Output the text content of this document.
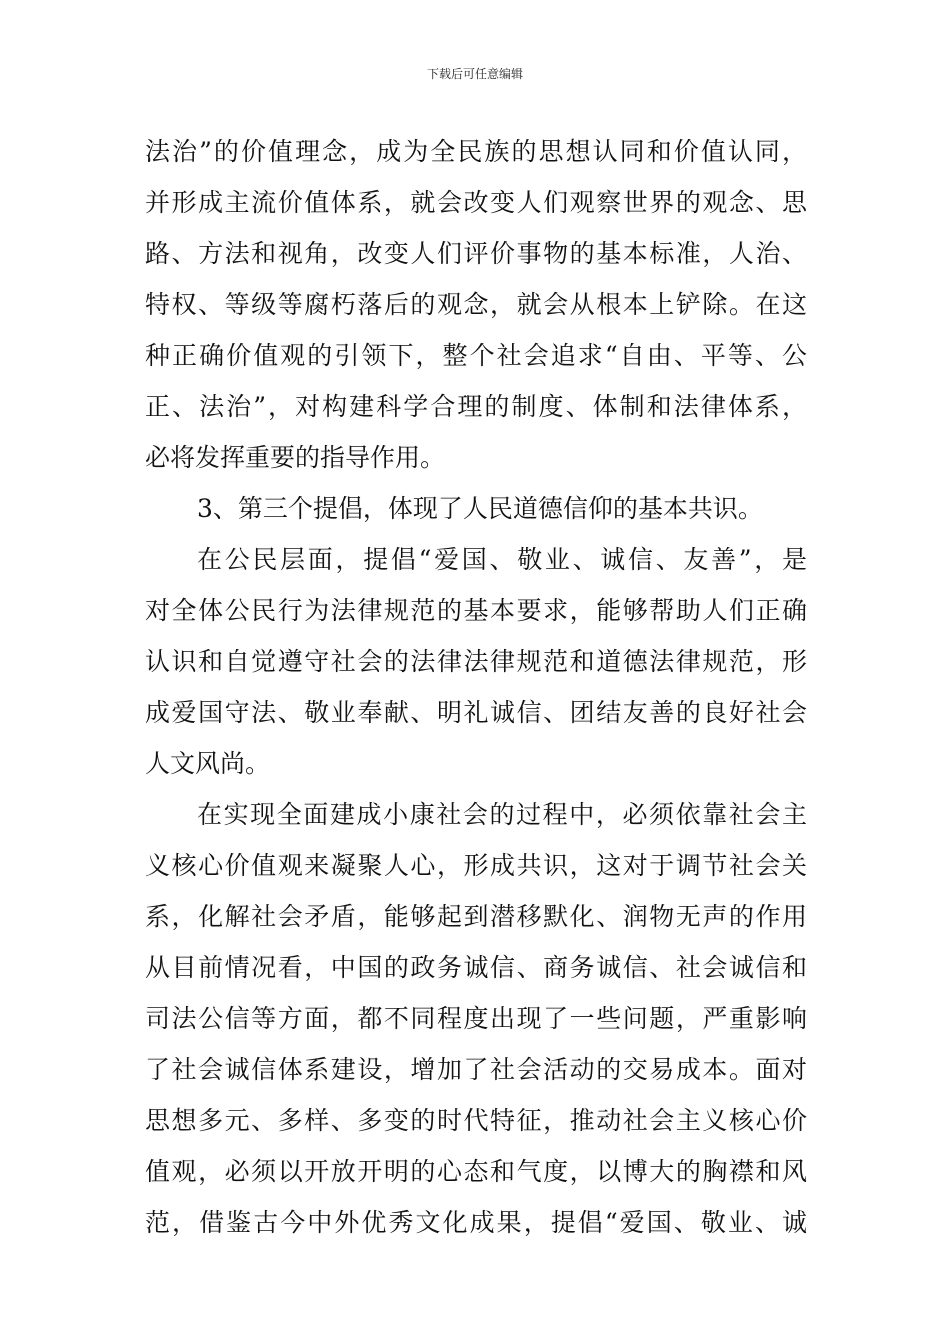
下载后可任意编辑
法治”的价值理念，成为全民族的思想认同和价值认同，
并形成主流价值体系，就会改变人们观察世界的观念、思
路、方法和视角，改变人们评价事物的基本标准，人治、
特权、等级等腐朽落后的观念，就会从根本上铲除。在这
种正确价值观的引领下，整个社会追求“自由、平等、公
正、法治”，对构建科学合理的制度、体制和法律体系，
必将发挥重要的指导作用。
3、第三个提倡，体现了人民道德信仰的基本共识。
在公民层面，提倡“爱国、敬业、诚信、友善”，是
对全体公民行为法律规范的基本要求，能够帮助人们正确
认识和自觉遵守社会的法律法律规范和道德法律规范，形
成爱国守法、敬业奉献、明礼诚信、团结友善的良好社会
人文风尚。
在实现全面建成小康社会的过程中，必须依靠社会主
义核心价值观来凝聚人心，形成共识，这对于调节社会关
系，化解社会矛盾，能够起到潜移默化、润物无声的作用
从目前情况看，中国的政务诚信、商务诚信、社会诚信和
司法公信等方面，都不同程度出现了一些问题，严重影响
了社会诚信体系建设，增加了社会活动的交易成本。面对
思想多元、多样、多变的时代特征，推动社会主义核心价
值观，必须以开放开明的心态和气度，以博大的胸襟和风
范，借鉴古今中外优秀文化成果，提倡“爱国、敬业、诚
